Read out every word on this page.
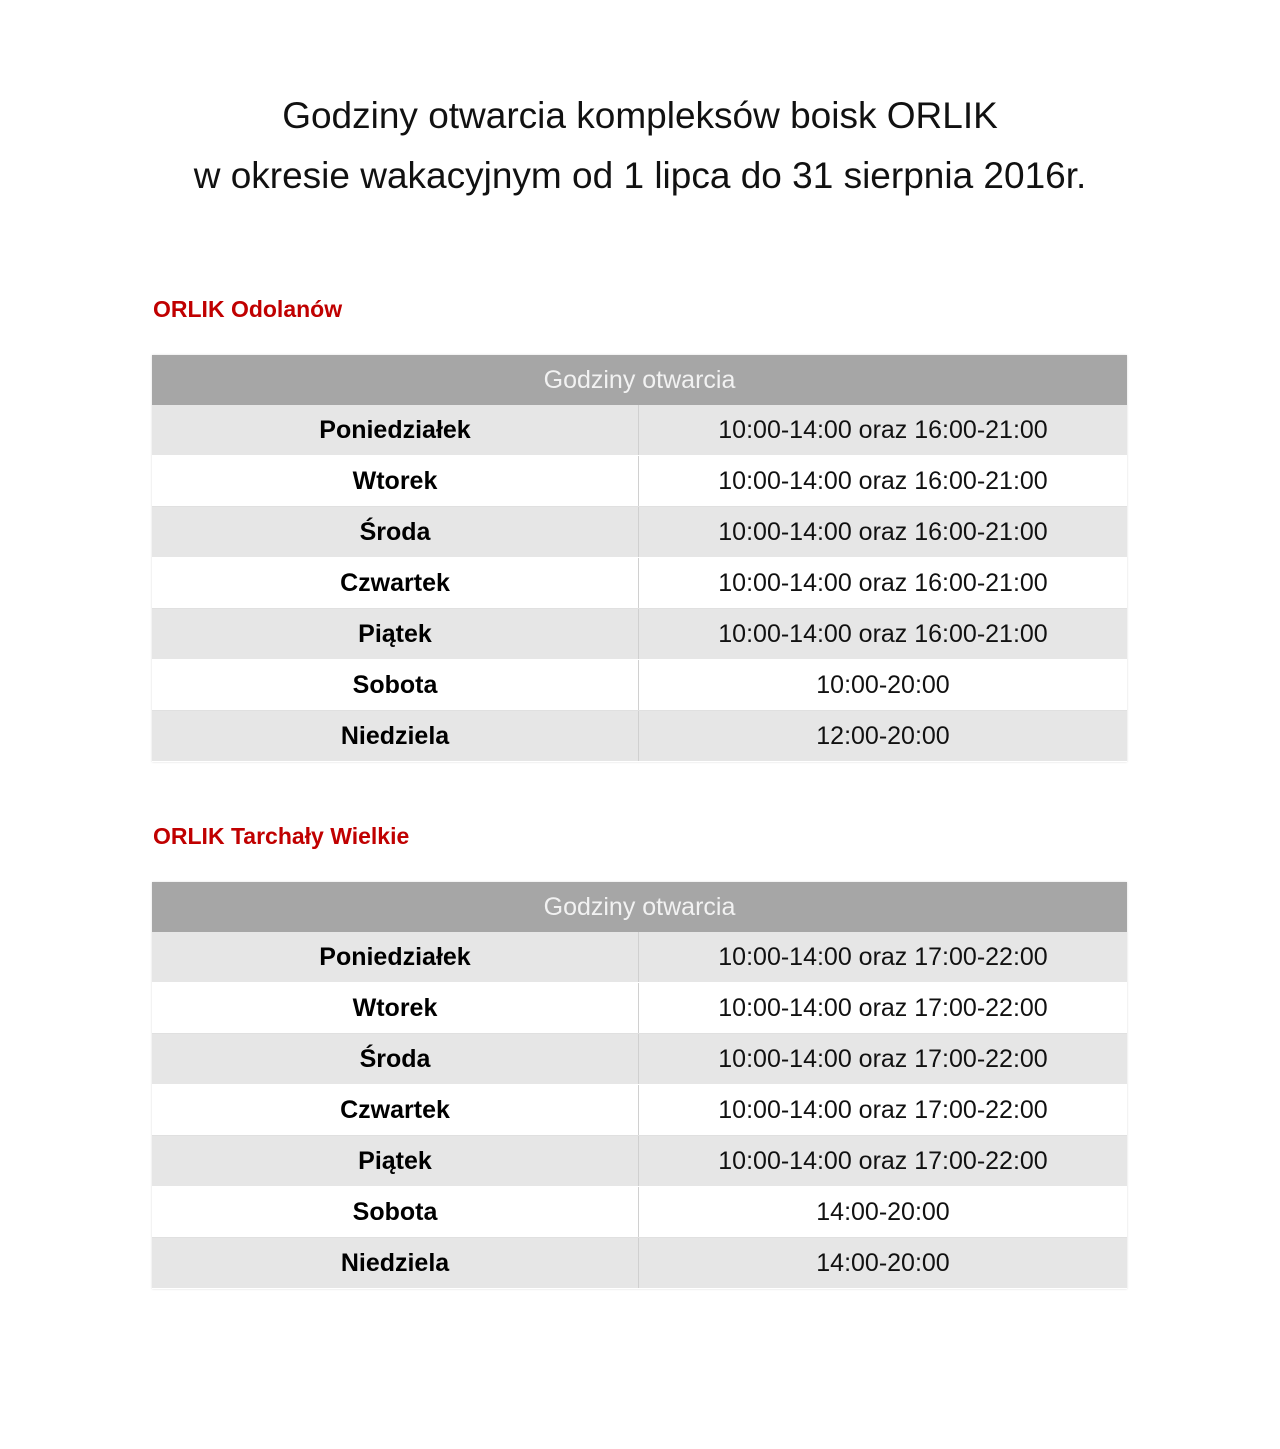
Godziny otwarcia kompleksów boisk ORLIK
w okresie wakacyjnym od 1 lipca do 31 sierpnia 2016r.
ORLIK Odolanów
Godziny otwarcia	
Poniedziałek	10:00-14:00 oraz 16:00-21:00
Wtorek	10:00-14:00 oraz 16:00-21:00
Środa	10:00-14:00 oraz 16:00-21:00
Czwartek	10:00-14:00 oraz 16:00-21:00
Piątek	10:00-14:00 oraz 16:00-21:00
Sobota	10:00-20:00
Niedziela	12:00-20:00
ORLIK Tarchały Wielkie
Godziny otwarcia	
Poniedziałek	10:00-14:00 oraz 17:00-22:00
Wtorek	10:00-14:00 oraz 17:00-22:00
Środa	10:00-14:00 oraz 17:00-22:00
Czwartek	10:00-14:00 oraz 17:00-22:00
Piątek	10:00-14:00 oraz 17:00-22:00
Sobota	14:00-20:00
Niedziela	14:00-20:00
